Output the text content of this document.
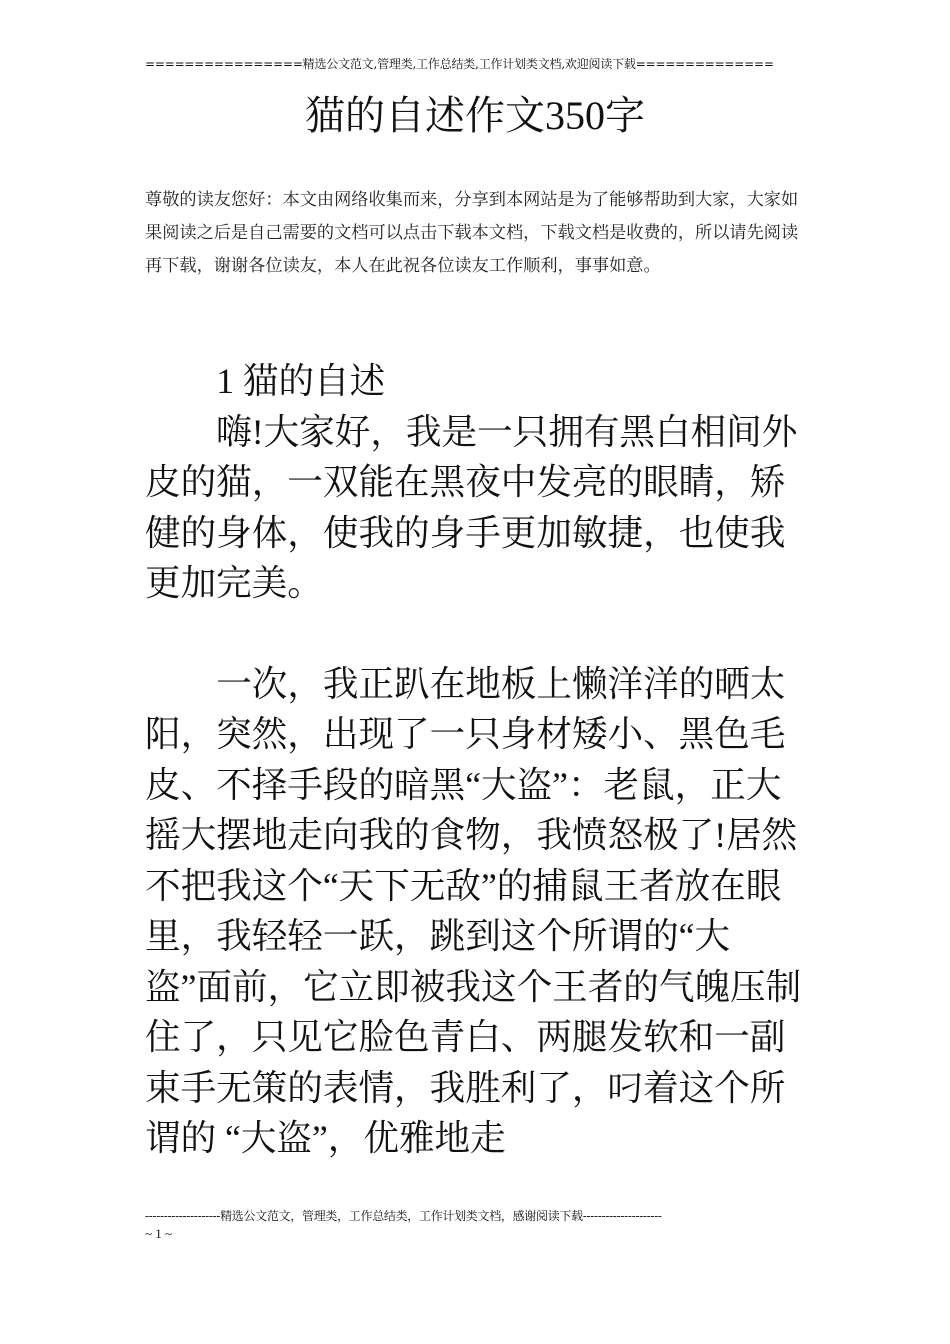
================精选公文范文,管理类,工作总结类,工作计划类文档,欢迎阅读下载==============
猫的自述作文350字
尊敬的读友您好：本文由网络收集而来，分享到本网站是为了能够帮助到大家，大家如果阅读之后是自己需要的文档可以点击下载本文档，下载文档是收费的，所以请先阅读再下载，谢谢各位读友，本人在此祝各位读友工作顺利，事事如意。

1 猫的自述

嗨!大家好，我是一只拥有黑白相间外皮的猫，一双能在黑夜中发亮的眼睛，矫健的身体，使我的身手更加敏捷，也使我更加完美。

一次，我正趴在地板上懒洋洋的晒太阳，突然，出现了一只身材矮小、黑色毛皮、不择手段的暗黑“大盗”：老鼠，正大摇大摆地走向我的食物，我愤怒极了!居然不把我这个“天下无敌”的捕鼠王者放在眼里，我轻轻一跃，跳到这个所谓的“大盗”面前，它立即被我这个王者的气魄压制住了，只见它脸色青白、两腿发软和一副束手无策的表情，我胜利了，叼着这个所谓的 “大盗”，优雅地走

--------------------精选公文范文，管理类，工作总结类，工作计划类文档，感谢阅读下载---------------------
~ 1 ~
